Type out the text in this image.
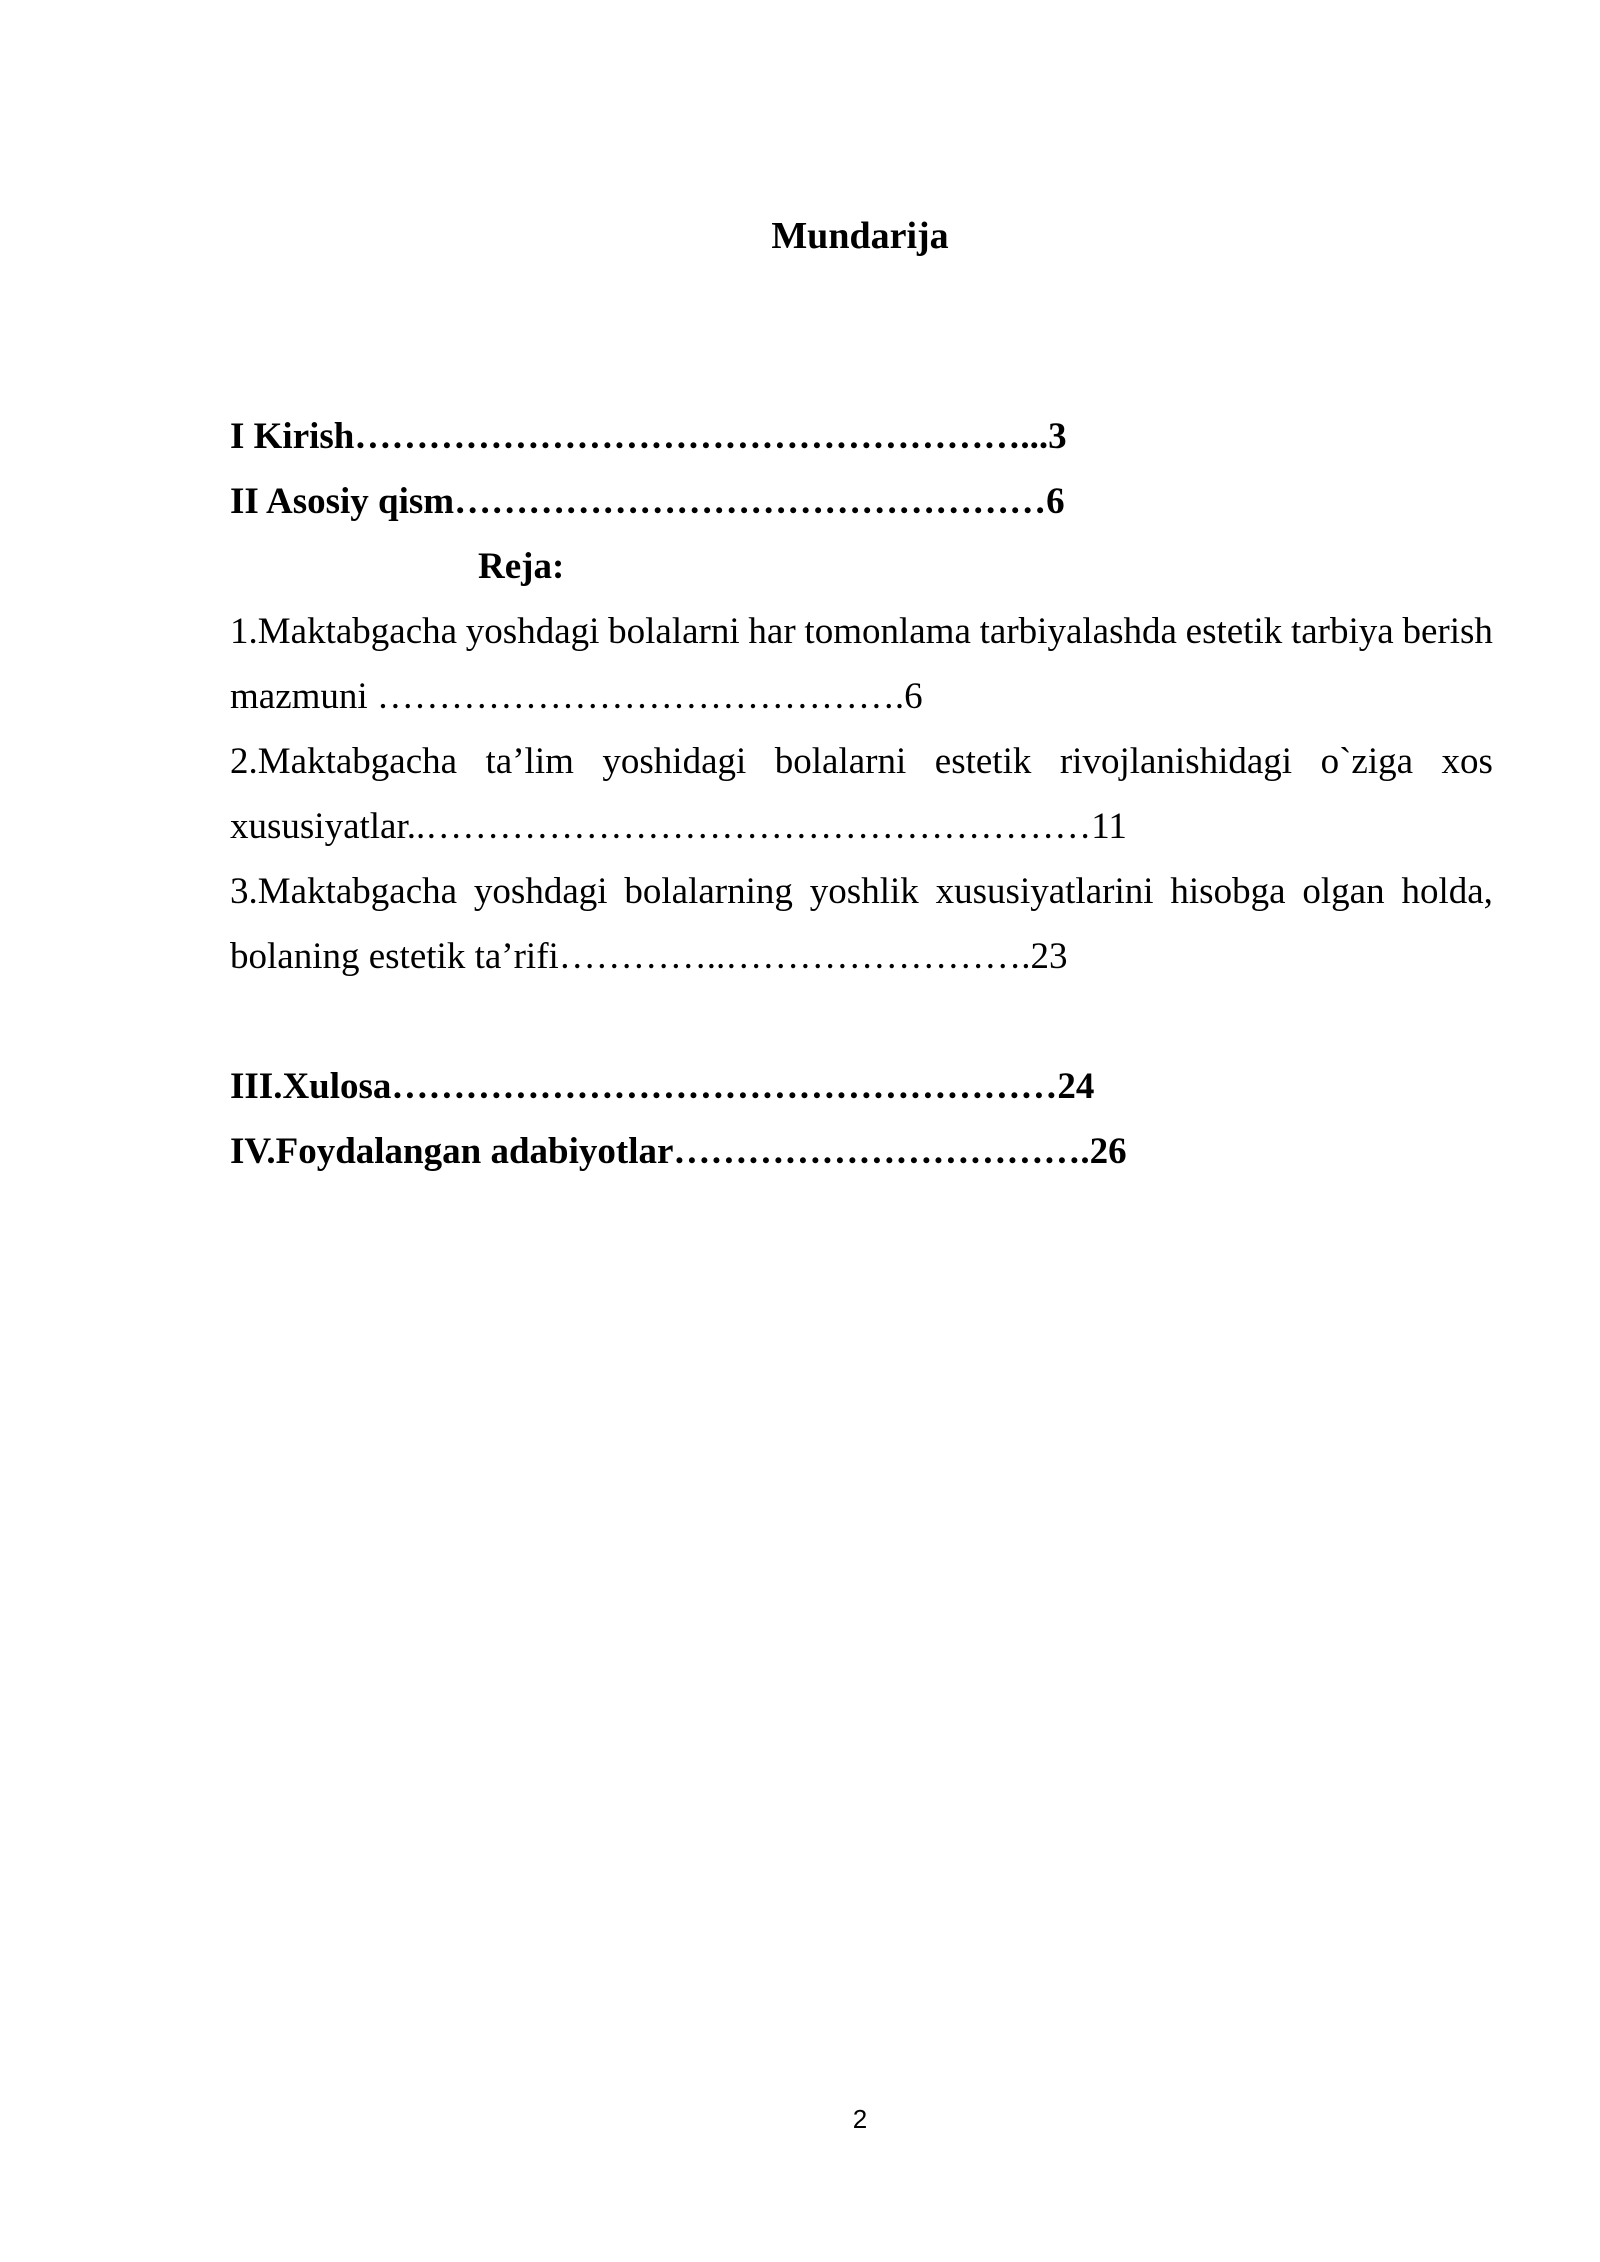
Mundarija
I Kirish………………………………………………...3
II Asosiy qism…………………………………………6
Reja:
1.Maktabgacha yoshdagi bolalarni har tomonlama tarbiyalashda estetik tarbiya berish
mazmuni …………………………………….6
2.Maktabgacha ta’lim yoshidagi bolalarni estetik rivojlanishidagi o`ziga xos
xususiyatlar..………………………………………………11
3.Maktabgacha yoshdagi bolalarning yoshlik xususiyatlarini hisobga olgan holda,
bolaning estetik ta’rifi…………..…………………….23
III.Xulosa………………………………………………24
IV.Foydalangan adabiyotlar…………………………….26
2
